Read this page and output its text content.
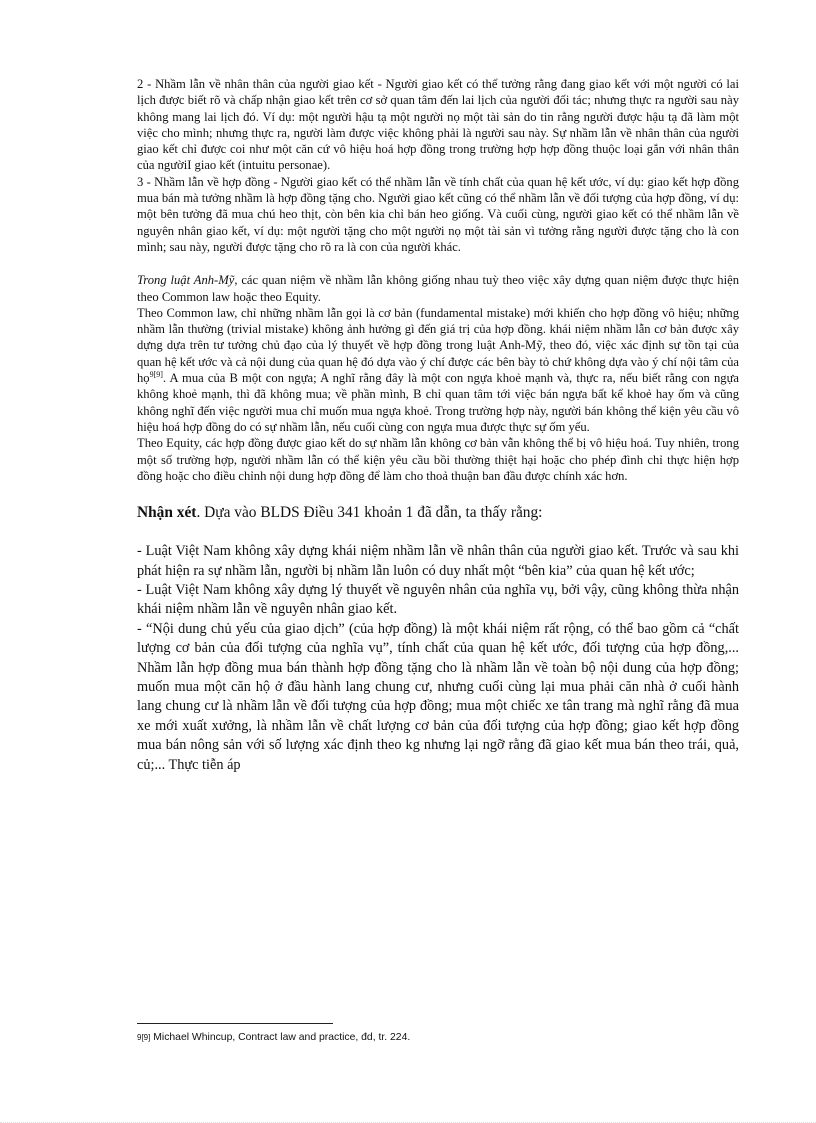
2 - Nhầm lẫn về nhân thân của người giao kết - Người giao kết có thể tưởng rằng đang giao kết với một người có lai lịch được biết rõ và chấp nhận giao kết trên cơ sở quan tâm đến lai lịch của người đối tác; nhưng thực ra người sau này không mang lai lịch đó. Ví dụ: một người hậu tạ một người nọ một tài sản do tin rằng người được hậu tạ đã làm một việc cho mình; nhưng thực ra, người làm được việc không phải là người sau này. Sự nhầm lẫn về nhân thân của người giao kết chỉ được coi như một căn cứ vô hiệu hoá hợp đồng trong trường hợp hợp đồng thuộc loại gắn với nhân thân của ngườiI giao kết (intuitu personae).

3 - Nhầm lẫn về hợp đồng - Người giao kết có thể nhầm lẫn về tính chất của quan hệ kết ước, ví dụ: giao kết hợp đồng mua bán mà tưởng nhầm là hợp đồng tặng cho. Người giao kết cũng có thể nhầm lẫn về đối tượng của hợp đồng, ví dụ: một bên tưởng đã mua chú heo thịt, còn bên kia chỉ bán heo giống. Và cuối cùng, người giao kết có thể nhầm lẫn về nguyên nhân giao kết, ví dụ: một người tặng cho một người nọ một tài sản vì tưởng rằng người được tặng cho là con mình; sau này, người được tặng cho rõ ra là con của người khác.

Trong luật Anh-Mỹ, các quan niệm về nhầm lẫn không giống nhau tuỳ theo việc xây dựng quan niệm được thực hiện theo Common law hoặc theo Equity.

Theo Common law, chỉ những nhầm lẫn gọi là cơ bản (fundamental mistake) mới khiến cho hợp đồng vô hiệu; những nhầm lẫn thường (trivial mistake) không ảnh hưởng gì đến giá trị của hợp đồng. khái niệm nhầm lẫn cơ bản được xây dựng dựa trên tư tưởng chủ đạo của lý thuyết về hợp đồng trong luật Anh-Mỹ, theo đó, việc xác định sự tồn tại của quan hệ kết ước và cả nội dung của quan hệ đó dựa vào ý chí được các bên bày tỏ chứ không dựa vào ý chí nội tâm của họ$^{9[9]}$. A mua của B một con ngựa; A nghĩ rằng đây là một con ngựa khoẻ mạnh và, thực ra, nếu biết rằng con ngựa không khoẻ mạnh, thì đã không mua; về phần mình, B chỉ quan tâm tới việc bán ngựa bất kể khoẻ hay ốm và cũng không nghĩ đến việc người mua chỉ muốn mua ngựa khoẻ. Trong trường hợp này, người bán không thể kiện yêu cầu vô hiệu hoá hợp đồng do có sự nhầm lẫn, nếu cuối cùng con ngựa mua được thực sự ốm yếu.

Theo Equity, các hợp đồng được giao kết do sự nhầm lẫn không cơ bản vẫn không thể bị vô hiệu hoá. Tuy nhiên, trong một số trường hợp, người nhầm lẫn có thể kiện yêu cầu bồi thường thiệt hại hoặc cho phép đình chỉ thực hiện hợp đồng hoặc cho điều chỉnh nội dung hợp đồng để làm cho thoả thuận ban đầu được chính xác hơn.

Nhận xét. Dựa vào BLDS Điều 341 khoản 1 đã dẫn, ta thấy rằng:

- Luật Việt Nam không xây dựng khái niệm nhầm lẫn về nhân thân của người giao kết. Trước và sau khi phát hiện ra sự nhầm lẫn, người bị nhầm lẫn luôn có duy nhất một “bên kia” của quan hệ kết ước;

- Luật Việt Nam không xây dựng lý thuyết về nguyên nhân của nghĩa vụ, bởi vậy, cũng không thừa nhận khái niệm nhầm lẫn về nguyên nhân giao kết.

- “Nội dung chủ yếu của giao dịch” (của hợp đồng) là một khái niệm rất rộng, có thể bao gồm cả “chất lượng cơ bản của đối tượng của nghĩa vụ”, tính chất của quan hệ kết ước, đối tượng của hợp đồng,... Nhầm lẫn hợp đồng mua bán thành hợp đồng tặng cho là nhầm lẫn về toàn bộ nội dung của hợp đồng; muốn mua một căn hộ ở đầu hành lang chung cư, nhưng cuối cùng lại mua phải căn nhà ở cuối hành lang chung cư là nhầm lẫn về đối tượng của hợp đồng; mua một chiếc xe tân trang mà nghĩ rằng đã mua xe mới xuất xưởng, là nhầm lẫn về chất lượng cơ bản của đối tượng của hợp đồng; giao kết hợp đồng mua bán nông sản với số lượng xác định theo kg nhưng lại ngỡ rằng đã giao kết mua bán theo trái, quả, củ;... Thực tiễn áp

9[9] Michael Whincup, Contract law and practice, đd, tr. 224.
